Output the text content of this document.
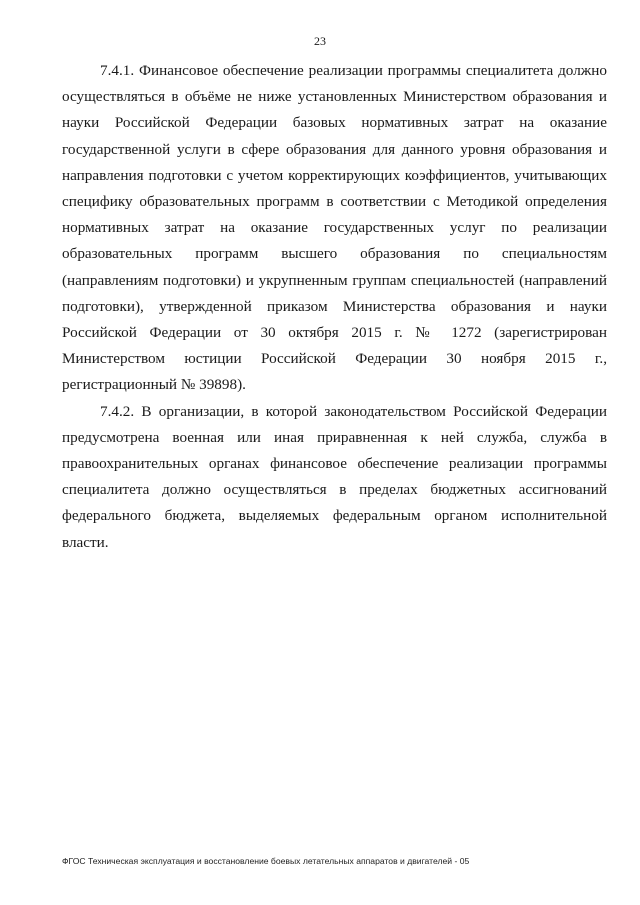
23

7.4.1. Финансовое обеспечение реализации программы специалитета должно осуществляться в объёме не ниже установленных Министерством образования и науки Российской Федерации базовых нормативных затрат на оказание государственной услуги в сфере образования для данного уровня образования и направления подготовки с учетом корректирующих коэффициентов, учитывающих специфику образовательных программ в соответствии с Методикой определения нормативных затрат на оказание государственных услуг по реализации образовательных программ высшего образования по специальностям (направлениям подготовки) и укрупненным группам специальностей (направлений подготовки), утвержденной приказом Министерства образования и науки Российской Федерации от 30 октября 2015 г. № 1272 (зарегистрирован Министерством юстиции Российской Федерации 30 ноября 2015 г., регистрационный № 39898).

7.4.2. В организации, в которой законодательством Российской Федерации предусмотрена военная или иная приравненная к ней служба, служба в правоохранительных органах финансовое обеспечение реализации программы специалитета должно осуществляться в пределах бюджетных ассигнований федерального бюджета, выделяемых федеральным органом исполнительной власти.

ФГОС Техническая эксплуатация и восстановление боевых летательных аппаратов и двигателей - 05
